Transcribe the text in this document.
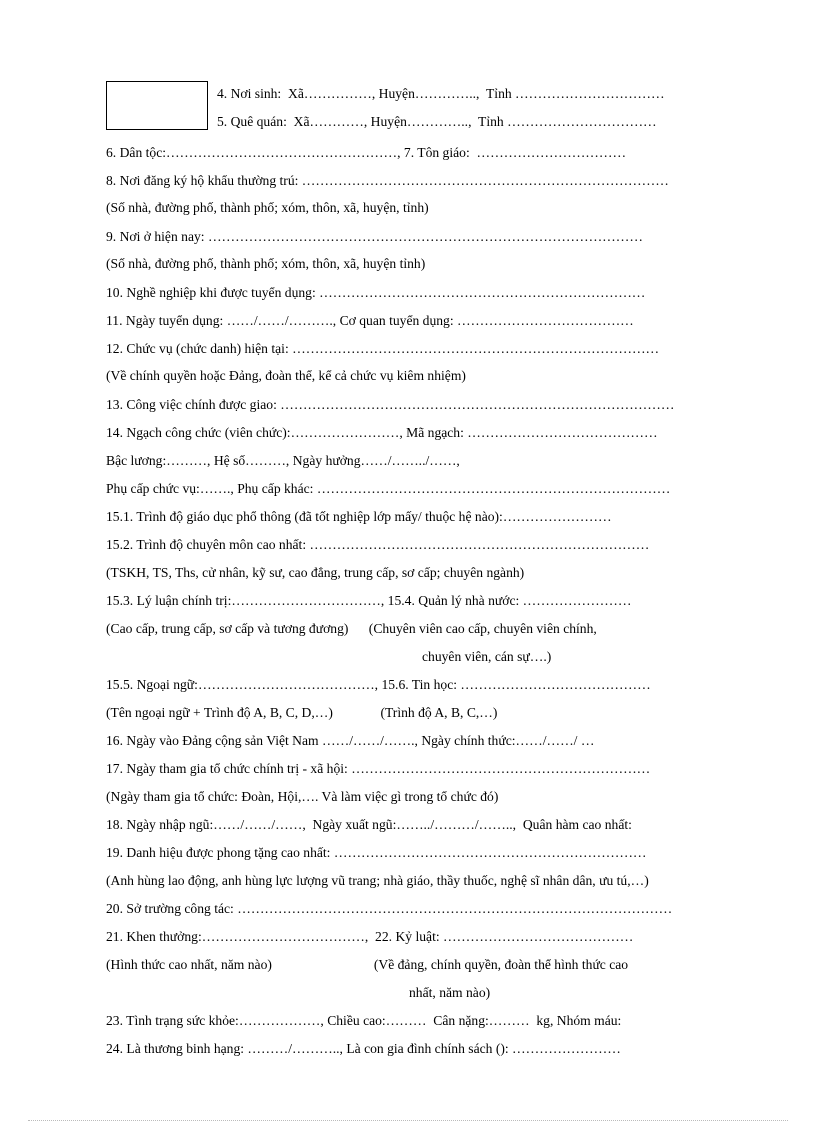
4. Nơi sinh:  Xã……………, Huyện…………..,  Tỉnh ……………………………
5. Quê quán:  Xã…………, Huyện…………..,  Tỉnh ……………………………
6. Dân tộc:……………………………………………, 7. Tôn giáo:  ……………………………
8. Nơi đăng ký hộ khẩu thường trú: ………………………………………………………………………
(Số nhà, đường phố, thành phố; xóm, thôn, xã, huyện, tỉnh)
9. Nơi ở hiện nay: ……………………………………………………………………………………
(Số nhà, đường phố, thành phố; xóm, thôn, xã, huyện tỉnh)
10. Nghề nghiệp khi được tuyển dụng: ………………………………………………………………
11. Ngày tuyển dụng: ……/……/………., Cơ quan tuyển dụng: …………………………………
12. Chức vụ (chức danh) hiện tại: ………………………………………………………………………
(Về chính quyền hoặc Đảng, đoàn thể, kể cả chức vụ kiêm nhiệm)
13. Công việc chính được giao: ……………………………………………………………………………
14. Ngạch công chức (viên chức):……………………, Mã ngạch: ……………………………………
Bậc lương:………, Hệ số………, Ngày hưởng……/……../……,
Phụ cấp chức vụ:……., Phụ cấp khác: ……………………………………………………………………
15.1. Trình độ giáo dục phổ thông (đã tốt nghiệp lớp mấy/ thuộc hệ nào):……………………
15.2. Trình độ chuyên môn cao nhất: …………………………………………………………………
(TSKH, TS, Ths, cử nhân, kỹ sư, cao đẳng, trung cấp, sơ cấp; chuyên ngành)
15.3. Lý luận chính trị:……………………………, 15.4. Quản lý nhà nước: ……………………
(Cao cấp, trung cấp, sơ cấp và tương đương)      (Chuyên viên cao cấp, chuyên viên chính,
chuyên viên, cán sự….)
15.5. Ngoại ngữ:…………………………………, 15.6. Tin học: ……………………………………
(Tên ngoại ngữ + Trình độ A, B, C, D,…)              (Trình độ A, B, C,…)
16. Ngày vào Đảng cộng sản Việt Nam ……/……/……., Ngày chính thức:……/……/ …
17. Ngày tham gia tổ chức chính trị - xã hội: …………………………………………………………
(Ngày tham gia tổ chức: Đoàn, Hội,…. Và làm việc gì trong tổ chức đó)
18. Ngày nhập ngũ:……/……/……,  Ngày xuất ngũ:……../………/……..,  Quân hàm cao nhất:
19. Danh hiệu được phong tặng cao nhất: ……………………………………………………………
(Anh hùng lao động, anh hùng lực lượng vũ trang; nhà giáo, thầy thuốc, nghệ sĩ nhân dân, ưu tú,…)
20. Sở trường công tác: ……………………………………………………………………………………
21. Khen thưởng:………………………………,  22. Kỷ luật: ……………………………………
(Hình thức cao nhất, năm nào)                              (Về đảng, chính quyền, đoàn thể hình thức cao
nhất, năm nào)
23. Tình trạng sức khỏe:………………, Chiều cao:………  Cân nặng:………  kg, Nhóm máu:
24. Là thương binh hạng: ………/……….., Là con gia đình chính sách (): ……………………
